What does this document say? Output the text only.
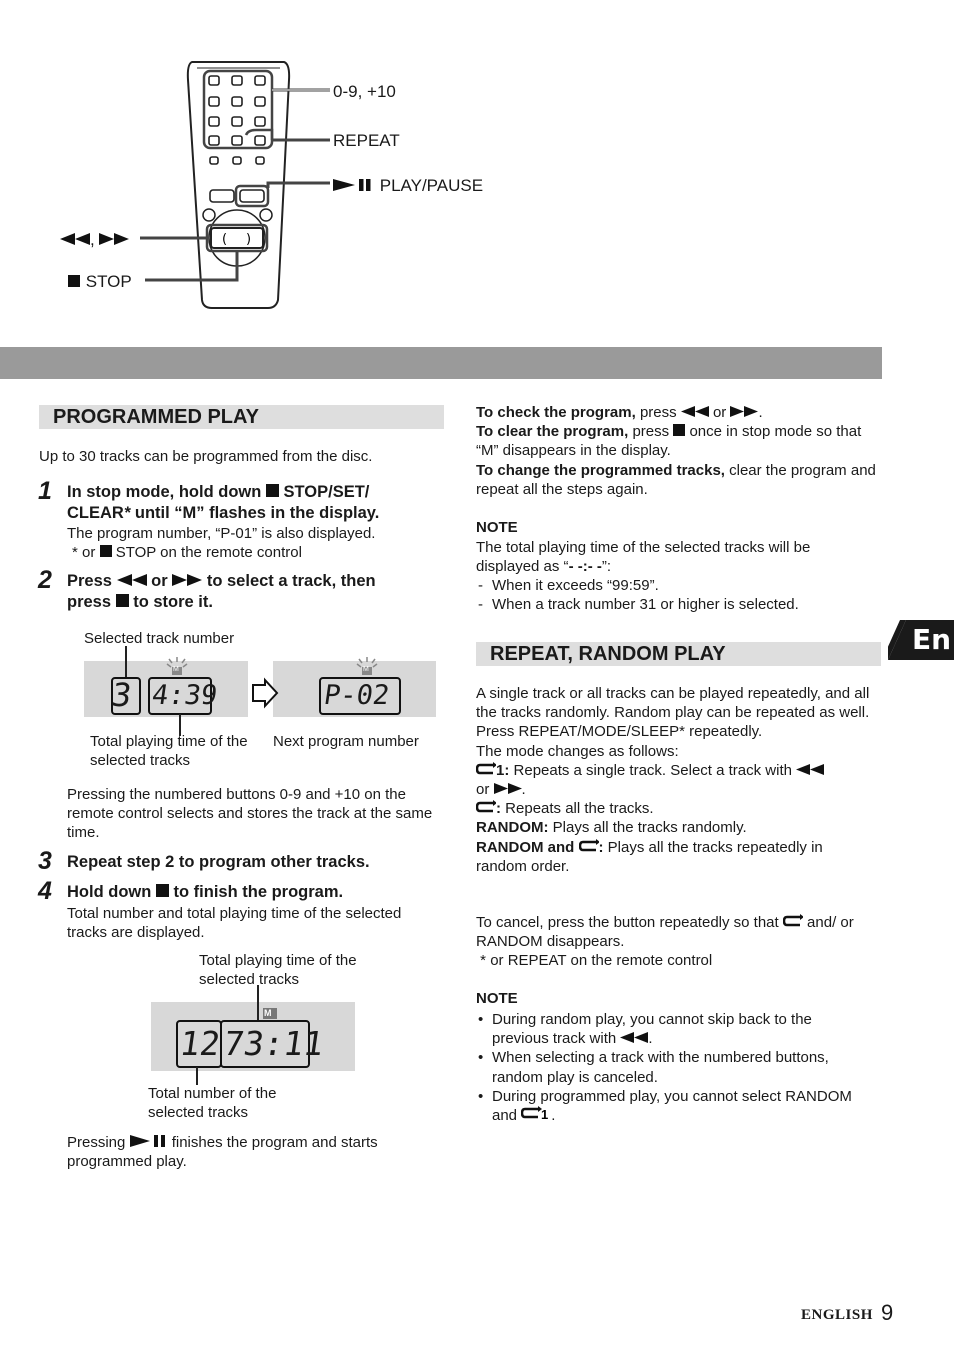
( )
0-9, +10
REPEAT
PLAY/PAUSE
,
STOP
PROGRAMMED PLAY
Up to 30 tracks can be programmed from the disc.
1 In stop mode, hold down STOP/SET/
CLEAR* until “M” flashes in the display.
The program number, “P-01” is also displayed.
* or STOP on the remote control
2 Press or to select a track, then
press to store it.
Selected track number
3 4:39	P-02
M	M
Total playing time of the selected tracks
Next program number
Pressing the numbered buttons 0-9 and +10 on the remote control selects and stores the track at the same time.
3 Repeat step 2 to program other tracks.
4 Hold down to finish the program.
Total number and total playing time of the selected tracks are displayed.
Total playing time of the selected tracks
M
12
73:11
Total number of the selected tracks
Pressing	finishes the program and starts programmed play.
To check the program, press or .
To clear the program, press once in stop mode so that “M” disappears in the display.
To change the programmed tracks, clear the program and repeat all the steps again.
NOTE
The total playing time of the selected tracks will be displayed as “- -:- -”:
- When it exceeds “99:59”.
- When a track number 31 or higher is selected.
REPEAT, RANDOM PLAY
A single track or all tracks can be played repeatedly, and all the tracks randomly. Random play can be repeated as well.
Press REPEAT/MODE/SLEEP* repeatedly.
The mode changes as follows:
1: Repeats a single track. Select a track with
or .
: Repeats all the tracks.
RANDOM: Plays all the tracks randomly.
RANDOM and : Plays all the tracks repeatedly in random order.
To cancel, press the button repeatedly so that and/ or RANDOM disappears.
* or REPEAT on the remote control
NOTE
• During random play, you cannot skip back to the previous track with .
• When selecting a track with the numbered buttons, random play is canceled.
• During programmed play, you cannot select RANDOM and 1 .
En
ENGLISH 9
